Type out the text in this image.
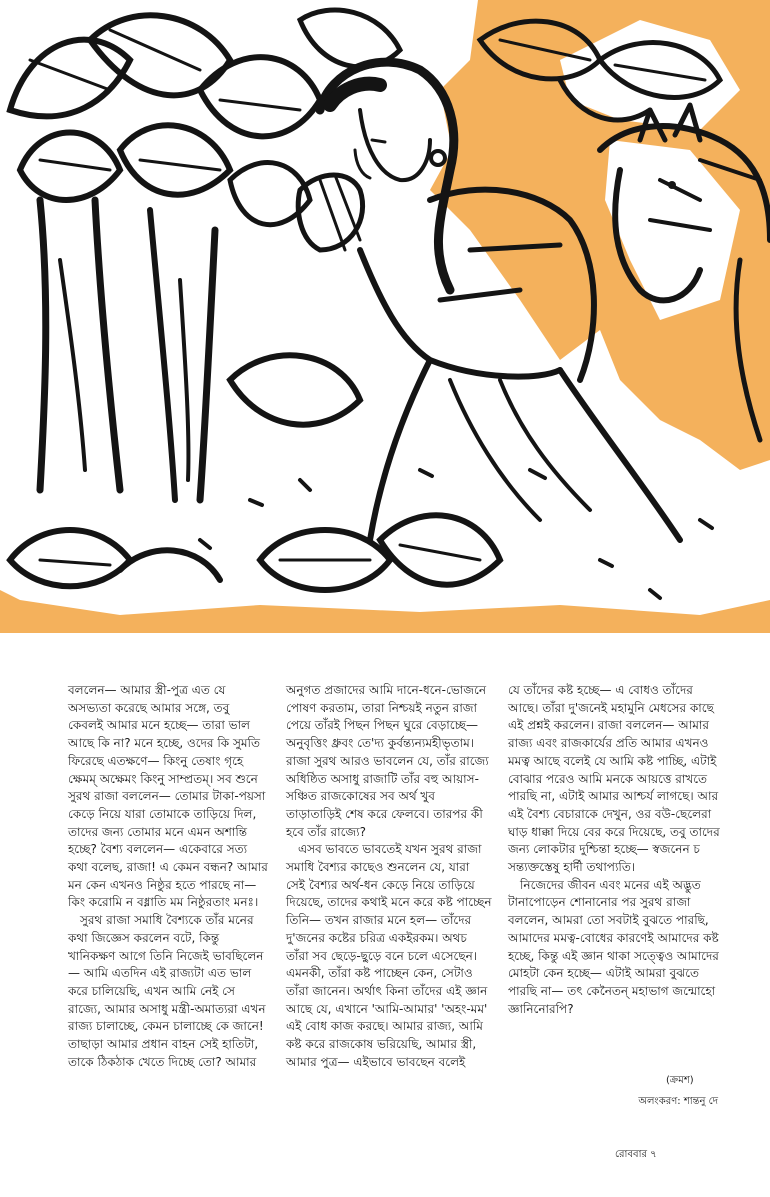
বললেন— আমার স্ত্রী-পুত্র এত যে অসভ্যতা করেছে আমার সঙ্গে, তবু কেবলই আমার মনে হচ্ছে— তারা ভাল আছে কি না? মনে হচ্ছে, ওদের কি সুমতি ফিরেছে এতক্ষণে— কিংনু তেষাং গৃহে ক্ষেমম্ অক্ষেমং কিংনু সাম্প্রতম্। সব শুনে সুরথ রাজা বললেন— তোমার টাকা-পয়সা কেড়ে নিয়ে যারা তোমাকে তাড়িয়ে দিল, তাদের জন্য তোমার মনে এমন অশান্তি হচ্ছে? বৈশ্য বললেন— একেবারে সত্য কথা বলেছ, রাজা! এ কেমন বন্ধন? আমার মন কেন এখনও নিষ্ঠুর হতে পারছে না— কিং করোমি ন বধ্নাতি মম নিষ্ঠুরতাং মনঃ।

সুরথ রাজা সমাধি বৈশ্যকে তাঁর মনের কথা জিজ্ঞেস করলেন বটে, কিন্তু খানিকক্ষণ আগে তিনি নিজেই ভাবছিলেন— আমি এতদিন এই রাজ্যটা এত ভাল করে চালিয়েছি, এখন আমি নেই সে রাজ্যে, আমার অসাধু মন্ত্রী-অমাত্যরা এখন রাজ্য চালাচ্ছে, কেমন চালাচ্ছে কে জানে! তাছাড়া আমার প্রধান বাহন সেই হাতিটা, তাকে ঠিকঠাক খেতে দিচ্ছে তো? আমার

অনুগত প্রজাদের আমি দানে-ধনে-ভোজনে পোষণ করতাম, তারা নিশ্চয়ই নতুন রাজা পেয়ে তাঁরই পিছন পিছন ঘুরে বেড়াচ্ছে— অনুবৃত্তিং ধ্রুবং তে'দ্য কুর্বন্ত্যন্যমহীভৃতাম। রাজা সুরথ আরও ভাবলেন যে, তাঁর রাজ্যে অধিষ্ঠিত অসাধু রাজাটি তাঁর বহু আয়াস-সঞ্চিত রাজকোষের সব অর্থ খুব তাড়াতাড়িই শেষ করে ফেলবে। তারপর কী হবে তাঁর রাজ্যে?

এসব ভাবতে ভাবতেই যখন সুরথ রাজা সমাধি বৈশ্যর কাছেও শুনলেন যে, যারা সেই বৈশ্যর অর্থ-ধন কেড়ে নিয়ে তাড়িয়ে দিয়েছে, তাদের কথাই মনে করে কষ্ট পাচ্ছেন তিনি— তখন রাজার মনে হল— তাঁদের দু'জনের কষ্টের চরিত্র একইরকম। অথচ তাঁরা সব ছেড়ে-ছুড়ে বনে চলে এসেছেন। এমনকী, তাঁরা কষ্ট পাচ্ছেন কেন, সেটাও তাঁরা জানেন। অর্থাৎ কিনা তাঁদের এই জ্ঞান আছে যে, এখানে 'আমি-আমার' 'অহং-মম' এই বোধ কাজ করছে। আমার রাজ্য, আমি কষ্ট করে রাজকোষ ভরিয়েছি, আমার স্ত্রী, আমার পুত্র— এইভাবে ভাবছেন বলেই

যে তাঁদের কষ্ট হচ্ছে— এ বোধও তাঁদের আছে। তাঁরা দু'জনেই মহামুনি মেধসের কাছে এই প্রশ্নই করলেন। রাজা বললেন— আমার রাজ্য এবং রাজকার্যের প্রতি আমার এখনও মমত্ব আছে বলেই যে আমি কষ্ট পাচ্ছি, এটাই বোঝার পরেও আমি মনকে আয়ত্তে রাখতে পারছি না, এটাই আমার আশ্চর্য লাগছে। আর এই বৈশ্য বেচারাকে দেখুন, ওর বউ-ছেলেরা ঘাড় ধাক্কা দিয়ে বের করে দিয়েছে, তবু তাদের জন্য লোকটার দুশ্চিন্তা হচ্ছে— স্বজনেন চ সন্ত্যক্তস্তেষু হার্দী তথাপ্যতি।

নিজেদের জীবন এবং মনের এই অদ্ভুত টানাপোড়েন শোনানোর পর সুরথ রাজা বললেন, আমরা তো সবটাই বুঝতে পারছি, আমাদের মমত্ব-বোধের কারণেই আমাদের কষ্ট হচ্ছে, কিন্তু এই জ্ঞান থাকা সত্ত্বেও আমাদের মোহটা কেন হচ্ছে— এটাই আমরা বুঝতে পারছি না— তৎ কেনৈতন্ মহাভাগ জন্মোহো জ্ঞানিনোরপি?

(ক্রমশ)
অলংকরণ: শান্তনু দে
রোববার ৭
